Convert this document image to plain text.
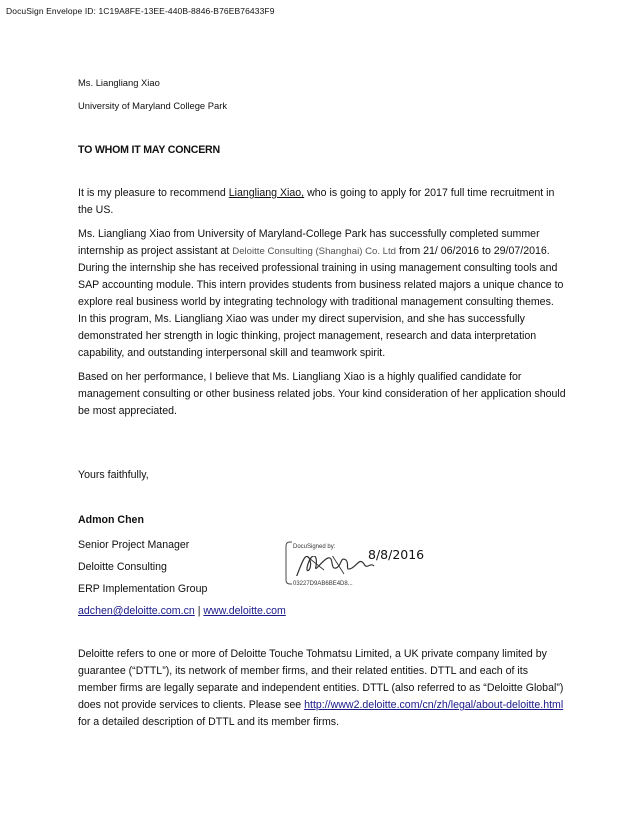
DocuSign Envelope ID: 1C19A8FE-13EE-440B-8846-B76EB76433F9
Ms. Liangliang Xiao
University of Maryland College Park
TO WHOM IT MAY CONCERN

It is my pleasure to recommend Liangliang Xiao, who is going to apply for 2017 full time recruitment in the US.

Ms. Liangliang Xiao from University of Maryland-College Park has successfully completed summer internship as project assistant at Deloitte Consulting (Shanghai) Co. Ltd from 21/ 06/2016 to 29/07/2016. During the internship she has received professional training in using management consulting tools and SAP accounting module. This intern provides students from business related majors a unique chance to explore real business world by integrating technology with traditional management consulting themes.

In this program, Ms. Liangliang Xiao was under my direct supervision, and she has successfully demonstrated her strength in logic thinking, project management, research and data interpretation capability, and outstanding interpersonal skill and teamwork spirit.

Based on her performance, I believe that Ms. Liangliang Xiao is a highly qualified candidate for management consulting or other business related jobs. Your kind consideration of her application should be most appreciated.

Yours faithfully,
Admon Chen
Senior Project Manager
Deloitte Consulting
ERP Implementation Group
adchen@deloitte.com.cn | www.deloitte.com
DocuSigned by:
03227D9AB6BE4D8...
8/8/2016

Deloitte refers to one or more of Deloitte Touche Tohmatsu Limited, a UK private company limited by guarantee (“DTTL”), its network of member firms, and their related entities. DTTL and each of its member firms are legally separate and independent entities. DTTL (also referred to as “Deloitte Global”) does not provide services to clients. Please see http://www2.deloitte.com/cn/zh/legal/about-deloitte.html for a detailed description of DTTL and its member firms.
